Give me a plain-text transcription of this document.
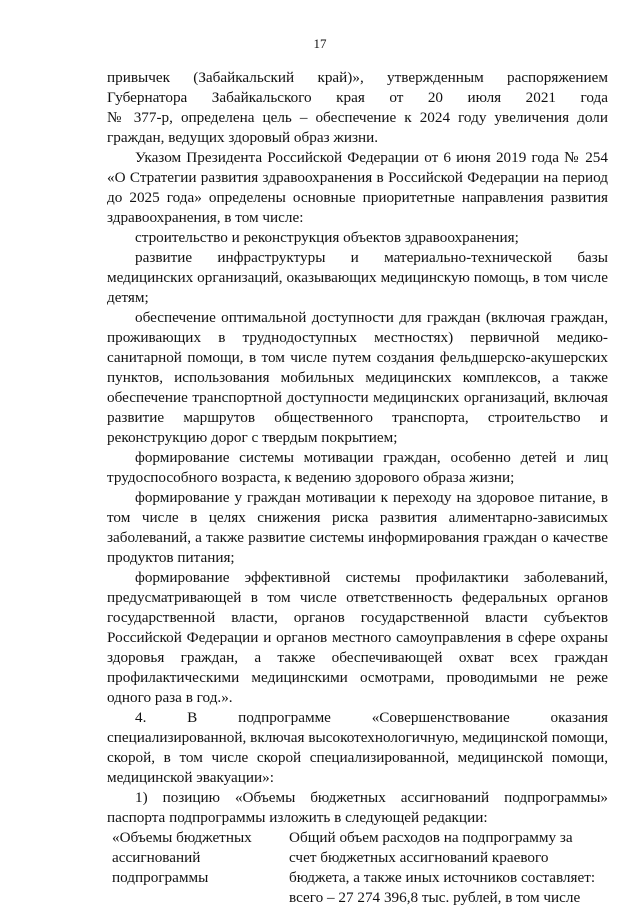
17
привычек (Забайкальский край)», утвержденным распоряжением
Губернатора Забайкальского края от 20 июля 2021 года
№ 377-р, определена цель – обеспечение к 2024 году увеличения доли
граждан, ведущих здоровый образ жизни.
Указом Президента Российской Федерации от 6 июня 2019 года № 254
«О Стратегии развития здравоохранения в Российской Федерации на период
до 2025 года» определены основные приоритетные направления развития
здравоохранения, в том числе:
строительство и реконструкция объектов здравоохранения;
развитие инфраструктуры и материально-технической базы
медицинских организаций, оказывающих медицинскую помощь, в том числе
детям;
обеспечение оптимальной доступности для граждан (включая граждан,
проживающих в труднодоступных местностях) первичной медико-
санитарной помощи, в том числе путем создания фельдшерско-акушерских
пунктов, использования мобильных медицинских комплексов, а также
обеспечение транспортной доступности медицинских организаций, включая
развитие маршрутов общественного транспорта, строительство и
реконструкцию дорог с твердым покрытием;
формирование системы мотивации граждан, особенно детей и лиц
трудоспособного возраста, к ведению здорового образа жизни;
формирование у граждан мотивации к переходу на здоровое питание, в
том числе в целях снижения риска развития алиментарно-зависимых
заболеваний, а также развитие системы информирования граждан о качестве
продуктов питания;
формирование эффективной системы профилактики заболеваний,
предусматривающей в том числе ответственность федеральных органов
государственной власти, органов государственной власти субъектов
Российской Федерации и органов местного самоуправления в сфере охраны
здоровья граждан, а также обеспечивающей охват всех граждан
профилактическими медицинскими осмотрами, проводимыми не реже
одного раза в год.».
4. В подпрограмме «Совершенствование оказания
специализированной, включая высокотехнологичную, медицинской помощи,
скорой, в том числе скорой специализированной, медицинской помощи,
медицинской эвакуации»:
1) позицию «Объемы бюджетных ассигнований подпрограммы»
паспорта подпрограммы изложить в следующей редакции:
«Объемы бюджетных
ассигнований
подпрограммы
Общий объем расходов на подпрограмму за
счет бюджетных ассигнований краевого
бюджета, а также иных источников составляет:
всего – 27 274 396,8 тыс. рублей, в том числе
